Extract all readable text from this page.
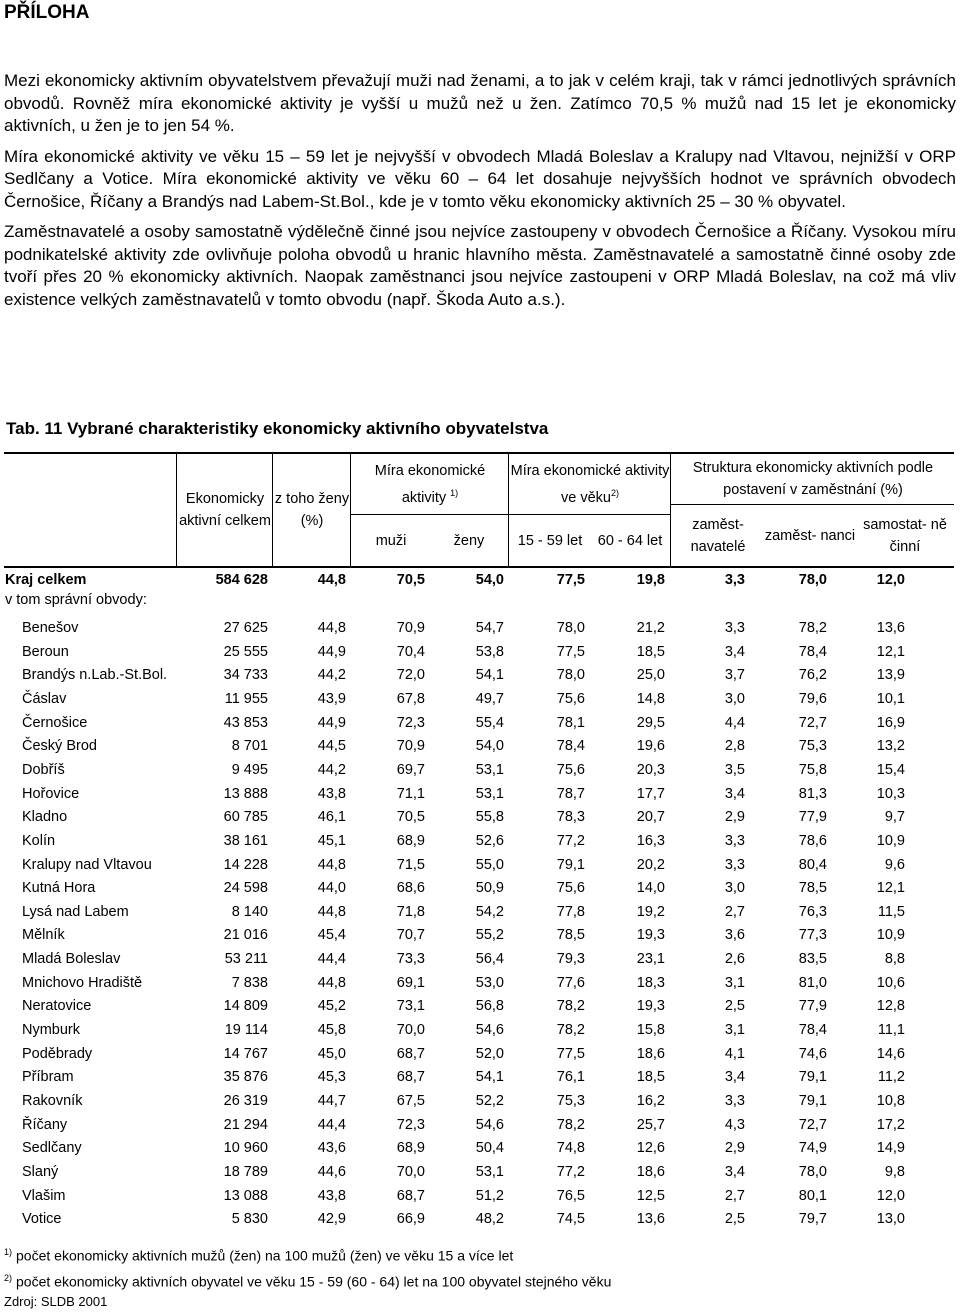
PŘÍLOHA

Mezi ekonomicky aktivním obyvatelstvem převažují muži nad ženami, a to jak v celém kraji, tak v rámci jednotlivých správních obvodů. Rovněž míra ekonomické aktivity je vyšší u mužů než u žen. Zatímco 70,5 % mužů nad 15 let je ekonomicky aktivních, u žen je to jen 54 %.

Míra ekonomické aktivity ve věku 15 – 59 let je nejvyšší v obvodech Mladá Boleslav a Kralupy nad Vltavou, nejnižší v ORP Sedlčany a Votice. Míra ekonomické aktivity ve věku 60 – 64 let dosahuje nejvyšších hodnot ve správních obvodech Černošice, Říčany a Brandýs nad Labem-St.Bol., kde je v tomto věku ekonomicky aktivních 25 – 30 % obyvatel.

Zaměstnavatelé a osoby samostatně výdělečně činné jsou nejvíce zastoupeny v obvodech Černošice a Říčany. Vysokou míru podnikatelské aktivity zde ovlivňuje poloha obvodů u hranic hlavního města. Zaměstnavatelé a samostatně činné osoby zde tvoří přes 20 % ekonomicky aktivních. Naopak zaměstnanci jsou nejvíce zastoupeni v ORP Mladá Boleslav, na což má vliv existence velkých zaměstnavatelů v tomto obvodu (např. Škoda Auto a.s.).

Tab. 11 Vybrané charakteristiky ekonomicky aktivního obyvatelstva
Ekonomicky aktivní celkem
z toho ženy (%)
Míra ekonomické aktivity $^{1)}$
Míra ekonomické aktivity ve věku$^{2)}$
Struktura ekonomicky aktivních podle postavení v zaměstnání (%)
muži	ženy 15 - 59 let 60 - 64 let
zaměst- navatelé
zaměst- nanci
samostat- ně činní
v tom správní obvody:
Kraj celkem	584 628	44,8	70,5	54,0	77,5	19,8	3,3	78,0	12,0
Benešov	27 625	44,8	70,9	54,7	78,0	21,2	3,3	78,2	13,6
Beroun	25 555	44,9	70,4	53,8	77,5	18,5	3,4	78,4	12,1
Brandýs n.Lab.-St.Bol.	34 733	44,2	72,0	54,1	78,0	25,0	3,7	76,2	13,9
Čáslav	11 955	43,9	67,8	49,7	75,6	14,8	3,0	79,6	10,1
Černošice	43 853	44,9	72,3	55,4	78,1	29,5	4,4	72,7	16,9
Český Brod	8 701	44,5	70,9	54,0	78,4	19,6	2,8	75,3	13,2
Dobříš	9 495	44,2	69,7	53,1	75,6	20,3	3,5	75,8	15,4
Hořovice	13 888	43,8	71,1	53,1	78,7	17,7	3,4	81,3	10,3
Kladno	60 785	46,1	70,5	55,8	78,3	20,7	2,9	77,9	9,7
Kolín	38 161	45,1	68,9	52,6	77,2	16,3	3,3	78,6	10,9
Kralupy nad Vltavou	14 228	44,8	71,5	55,0	79,1	20,2	3,3	80,4	9,6
Kutná Hora	24 598	44,0	68,6	50,9	75,6	14,0	3,0	78,5	12,1
Lysá nad Labem	8 140	44,8	71,8	54,2	77,8	19,2	2,7	76,3	11,5
Mělník	21 016	45,4	70,7	55,2	78,5	19,3	3,6	77,3	10,9
Mladá Boleslav	53 211	44,4	73,3	56,4	79,3	23,1	2,6	83,5	8,8
Mnichovo Hradiště	7 838	44,8	69,1	53,0	77,6	18,3	3,1	81,0	10,6
Neratovice	14 809	45,2	73,1	56,8	78,2	19,3	2,5	77,9	12,8
Nymburk	19 114	45,8	70,0	54,6	78,2	15,8	3,1	78,4	11,1
Poděbrady	14 767	45,0	68,7	52,0	77,5	18,6	4,1	74,6	14,6
Příbram	35 876	45,3	68,7	54,1	76,1	18,5	3,4	79,1	11,2
Rakovník	26 319	44,7	67,5	52,2	75,3	16,2	3,3	79,1	10,8
Říčany	21 294	44,4	72,3	54,6	78,2	25,7	4,3	72,7	17,2
Sedlčany	10 960	43,6	68,9	50,4	74,8	12,6	2,9	74,9	14,9
Slaný	18 789	44,6	70,0	53,1	77,2	18,6	3,4	78,0	9,8
Vlašim	13 088	43,8	68,7	51,2	76,5	12,5	2,7	80,1	12,0
Votice	5 830	42,9	66,9	48,2	74,5	13,6	2,5	79,7	13,0
$^{1)}$ počet ekonomicky aktivních mužů (žen) na 100 mužů (žen) ve věku 15 a více let
$^{2)}$ počet ekonomicky aktivních obyvatel ve věku 15 - 59 (60 - 64) let na 100 obyvatel stejného věku
Zdroj: SLDB 2001
